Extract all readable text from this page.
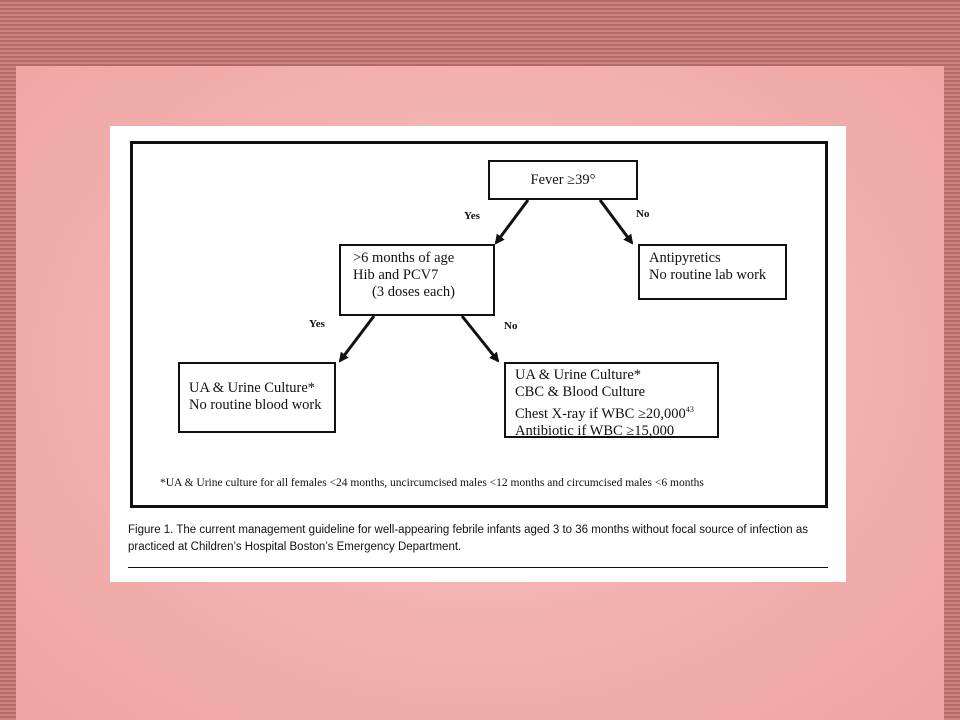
Fever ≥39°
>6 months of age
Hib and PCV7
(3 doses each)
Antipyretics
No routine lab work
UA & Urine Culture*
No routine blood work
UA & Urine Culture*
CBC & Blood Culture
Chest X-ray if WBC $\ge 20,000^{43}$
Antibiotic if WBC ≥15,000
Yes	No
Yes	No
*UA & Urine culture for all females <24 months, uncircumcised males <12 months and circumcised males <6 months
Figure 1. The current management guideline for well-appearing febrile infants aged 3 to 36 months without focal source of infection as practiced at Children’s Hospital Boston’s Emergency Department.
